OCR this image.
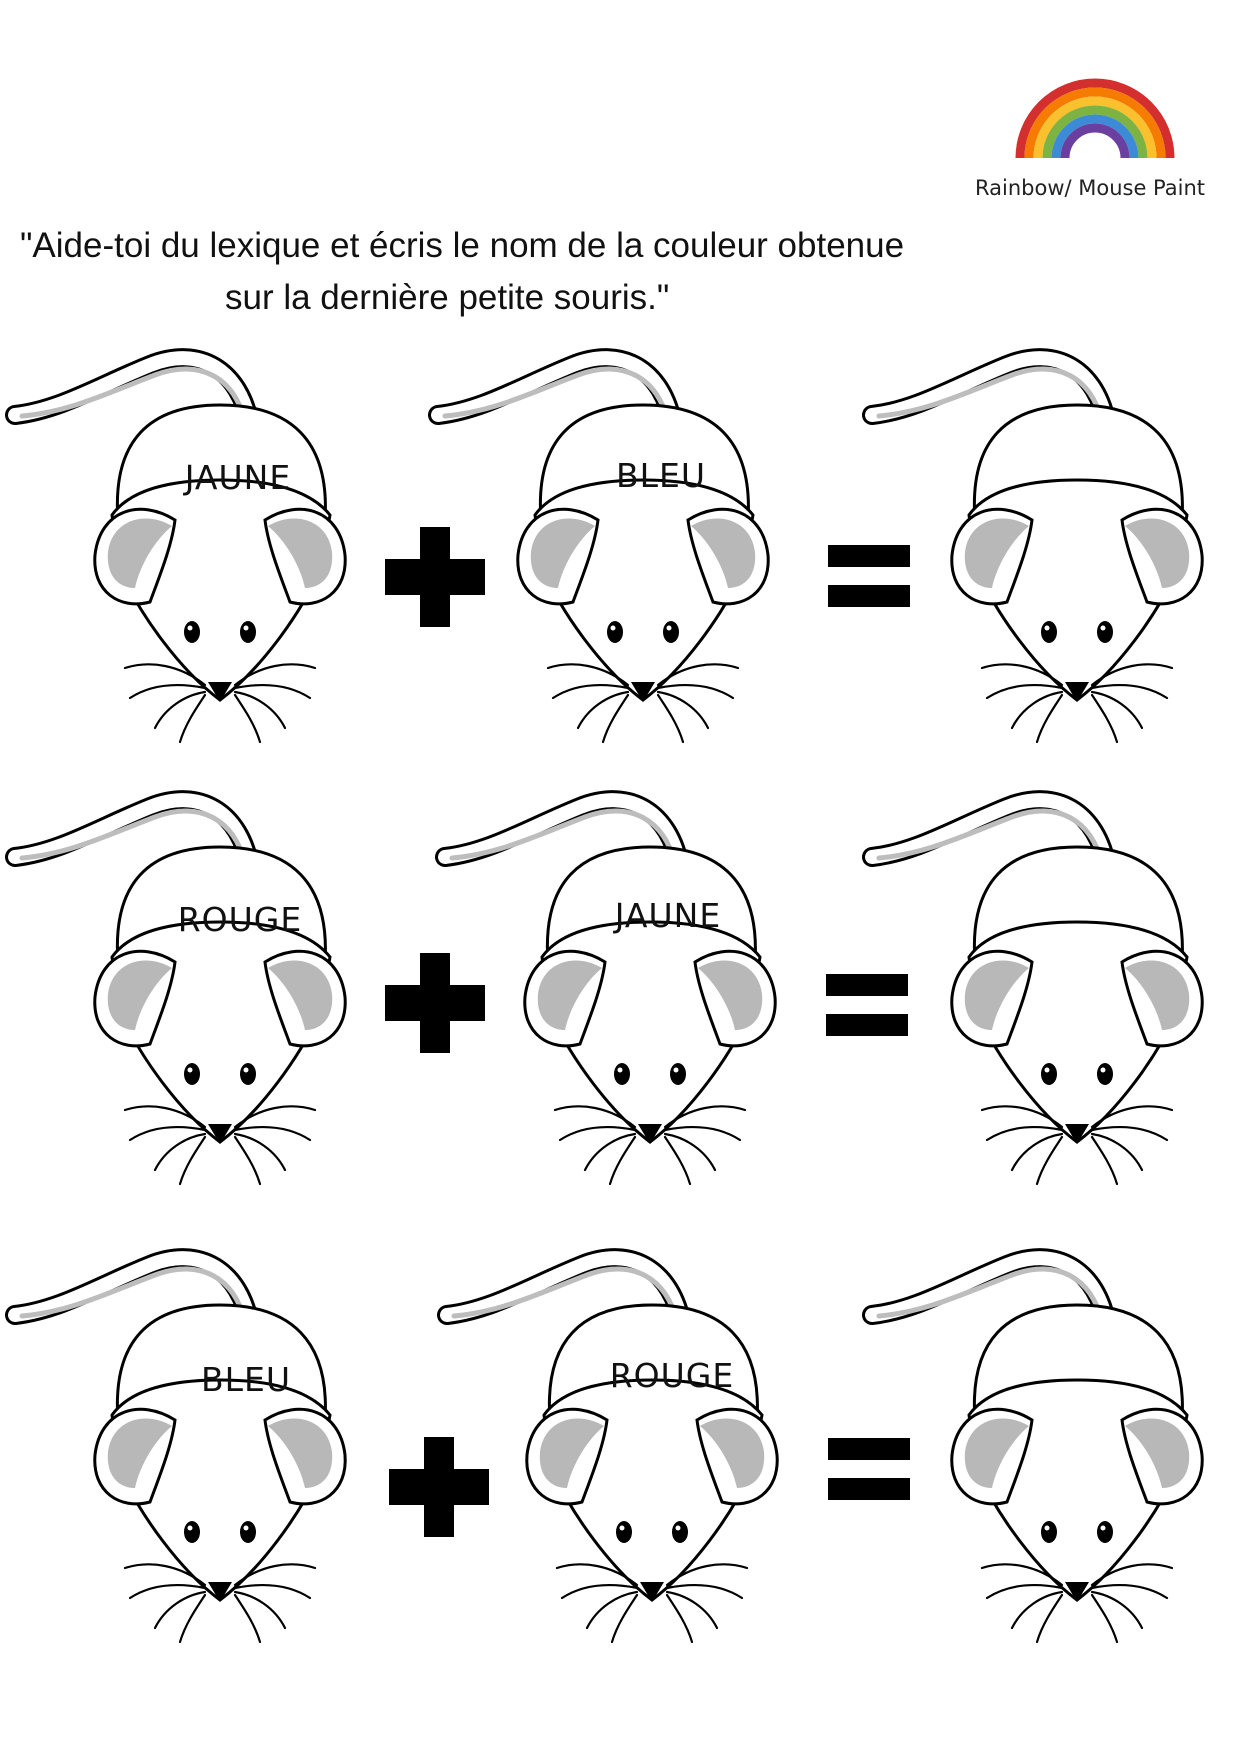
Rainbow/ Mouse Paint
"Aide-toi du lexique et écris le nom de la couleur obtenue
sur la dernière petite souris."
JAUNE	BLEU
ROUGE	JAUNE
BLEU	ROUGE
